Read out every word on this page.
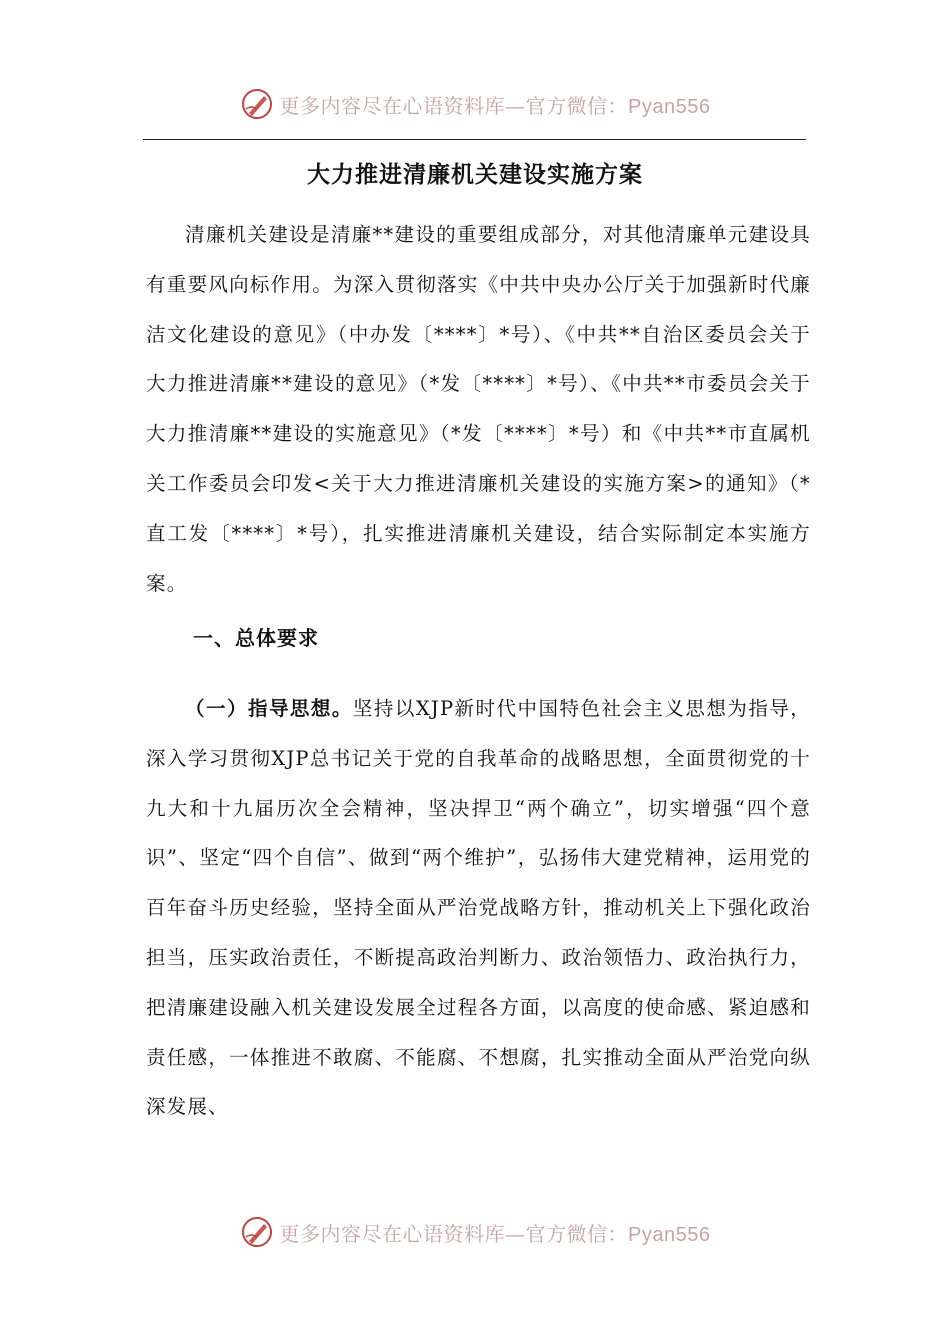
更多内容尽在心语资料库—官方微信：Pyan556
大力推进清廉机关建设实施方案

清廉机关建设是清廉**建设的重要组成部分，对其他清廉单元建设具有重要风向标作用。为深入贯彻落实《中共中央办公厅关于加强新时代廉洁文化建设的意见》（中办发〔****〕*号）、《中共**自治区委员会关于大力推进清廉**建设的意见》（*发〔****〕*号）、《中共**市委员会关于大力推清廉**建设的实施意见》（*发〔****〕*号）和《中共**市直属机关工作委员会印发<关于大力推进清廉机关建设的实施方案>的通知》（*直工发〔****〕*号），扎实推进清廉机关建设，结合实际制定本实施方案。

一、总体要求

（一）指导思想。坚持以XJP新时代中国特色社会主义思想为指导，深入学习贯彻XJP总书记关于党的自我革命的战略思想，全面贯彻党的十九大和十九届历次全会精神，坚决捍卫“两个确立”，切实增强“四个意识”、坚定“四个自信”、做到“两个维护”，弘扬伟大建党精神，运用党的百年奋斗历史经验，坚持全面从严治党战略方针，推动机关上下强化政治担当，压实政治责任，不断提高政治判断力、政治领悟力、政治执行力，把清廉建设融入机关建设发展全过程各方面，以高度的使命感、紧迫感和责任感，一体推进不敢腐、不能腐、不想腐，扎实推动全面从严治党向纵深发展、

更多内容尽在心语资料库—官方微信：Pyan556
